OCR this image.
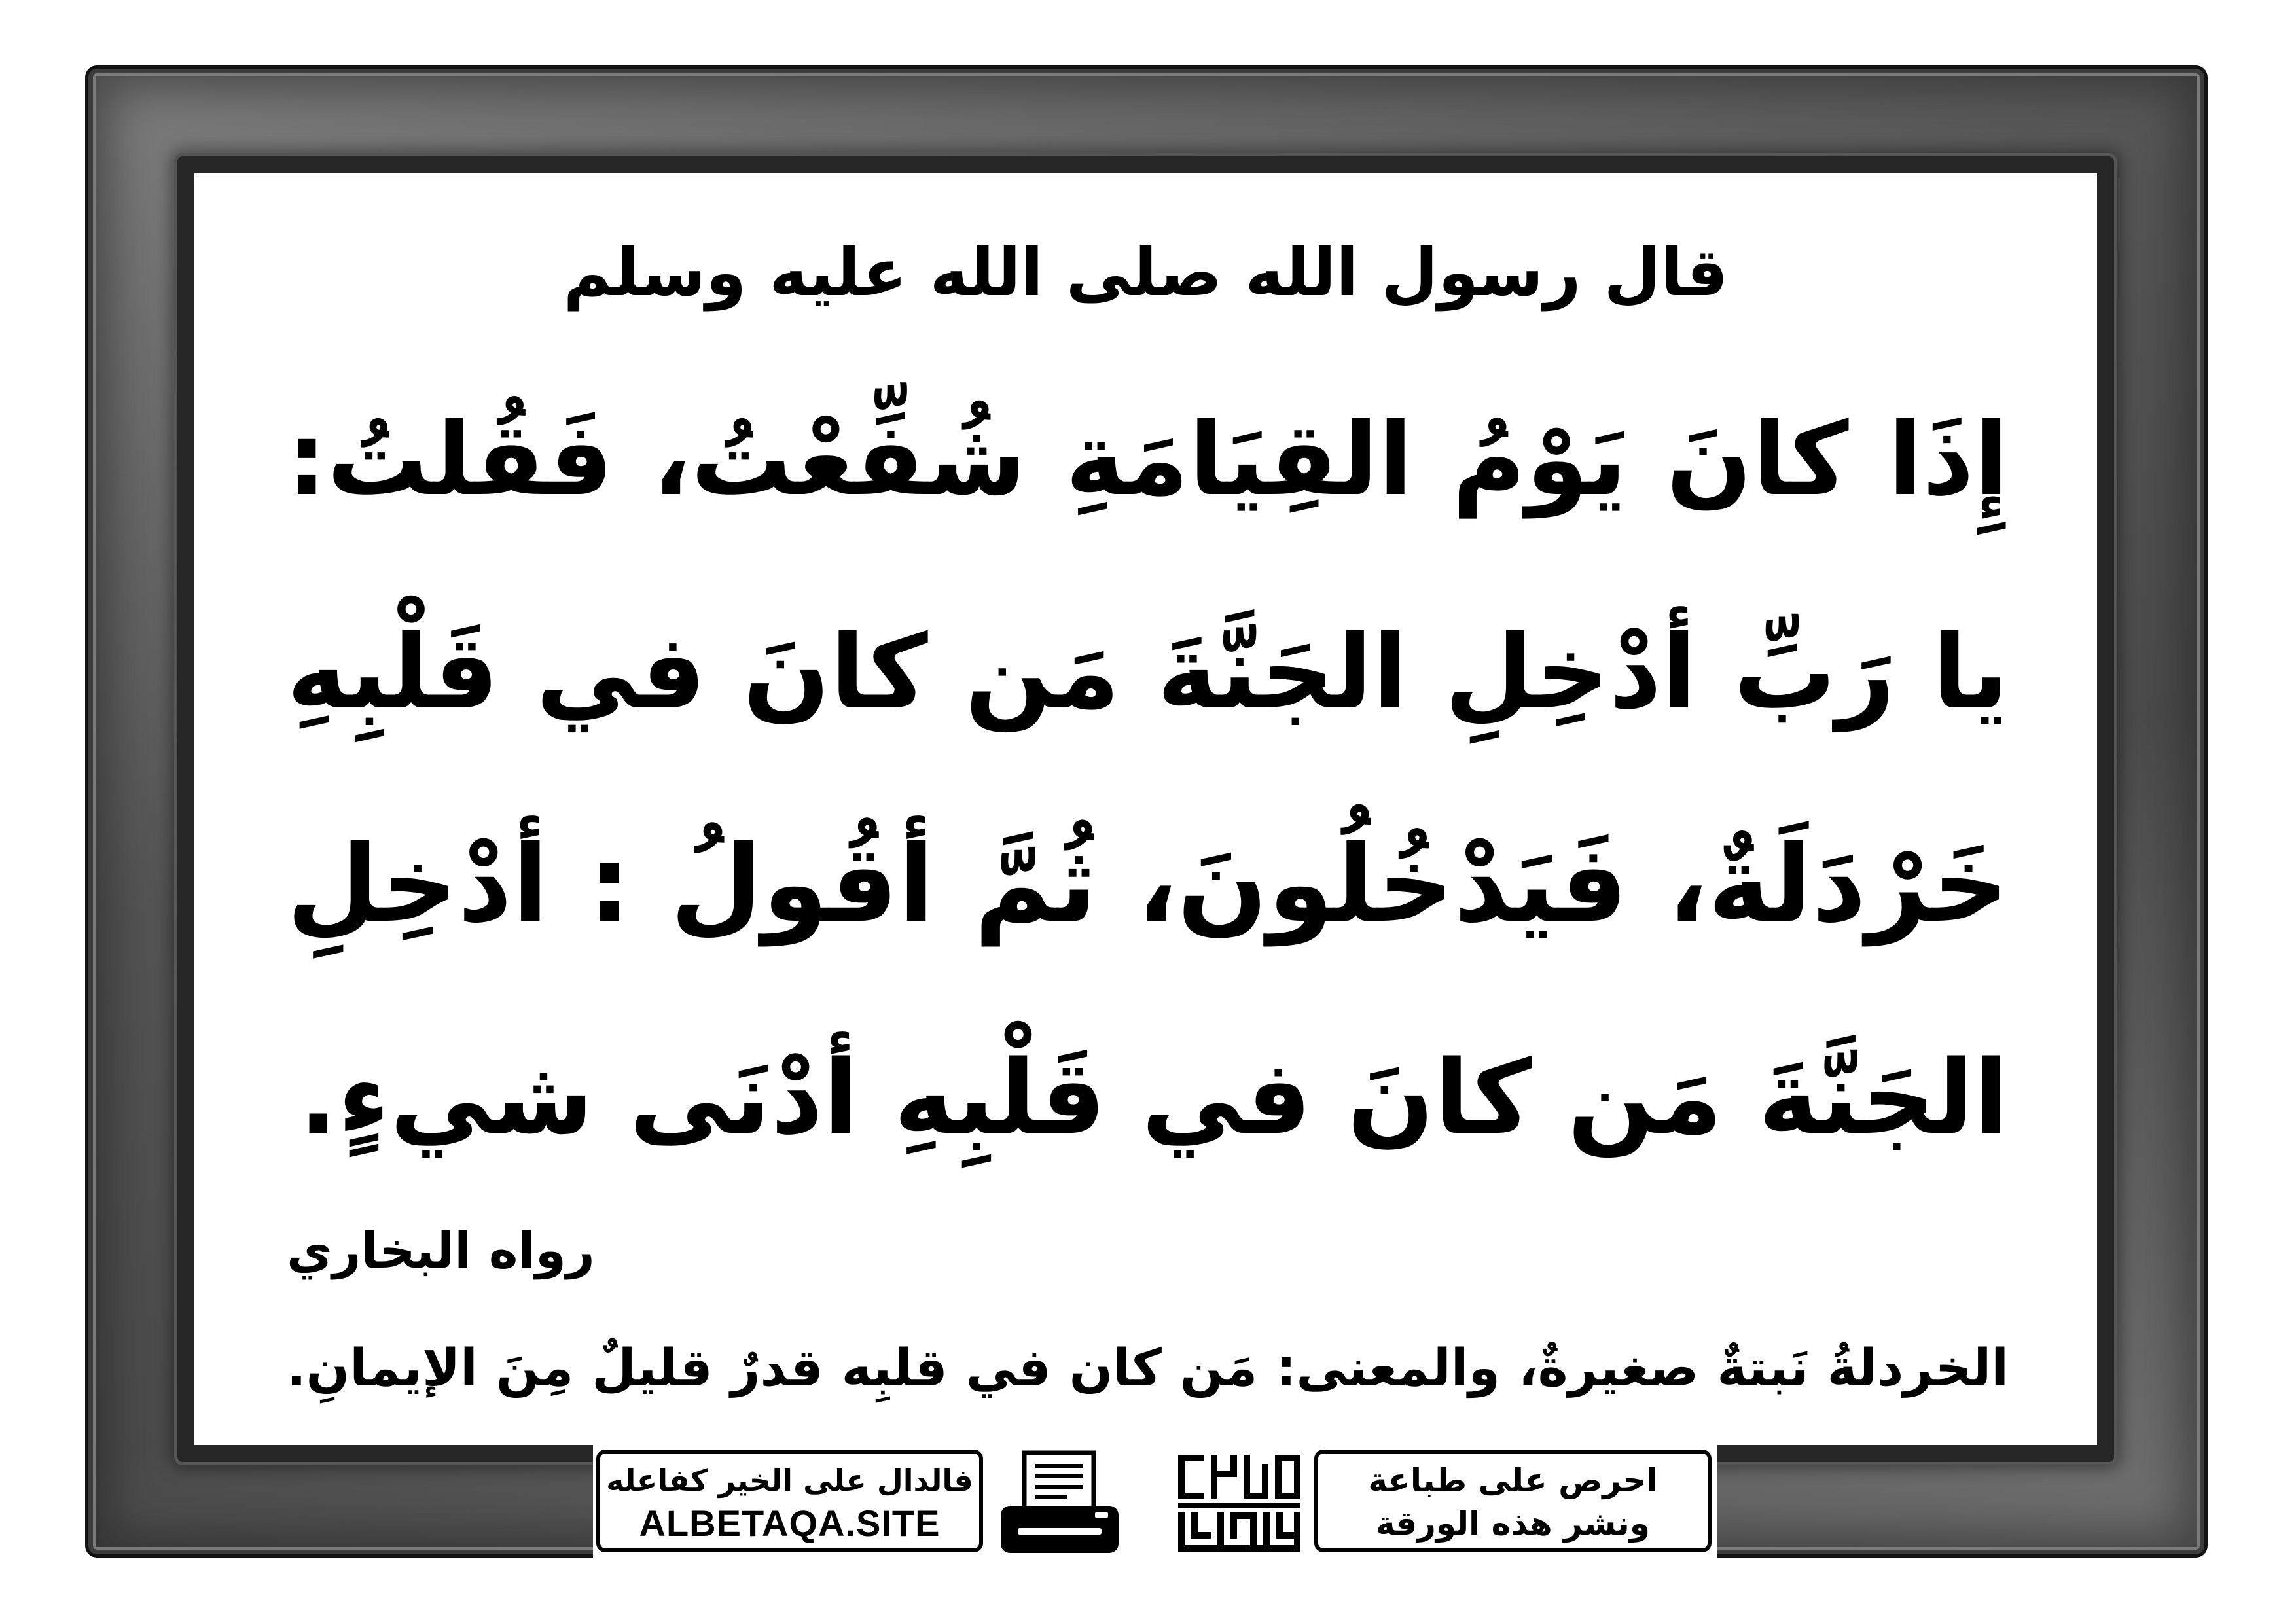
قال رسول الله صلى الله عليه وسلم
إِذَا كانَ يَوْمُ القِيَامَةِ شُفِّعْتُ، فَقُلتُ:
يا رَبِّ أدْخِلِ الجَنَّةَ مَن كانَ في قَلْبِهِ
خَرْدَلَةٌ، فَيَدْخُلُونَ، ثُمَّ أقُولُ : أدْخِلِ
الجَنَّةَ مَن كانَ في قَلْبِهِ أدْنَى شيءٍ.
رواه البخاري
الخردلةُ نَبتةٌ صغيرةٌ، والمعنى: مَن كان في قلبِه قدرٌ قليلٌ مِنَ الإيمانِ.
احرص على طباعة
ونشر هذه الورقة
فالدال على الخير كفاعله
ALBETAQA.SITE
